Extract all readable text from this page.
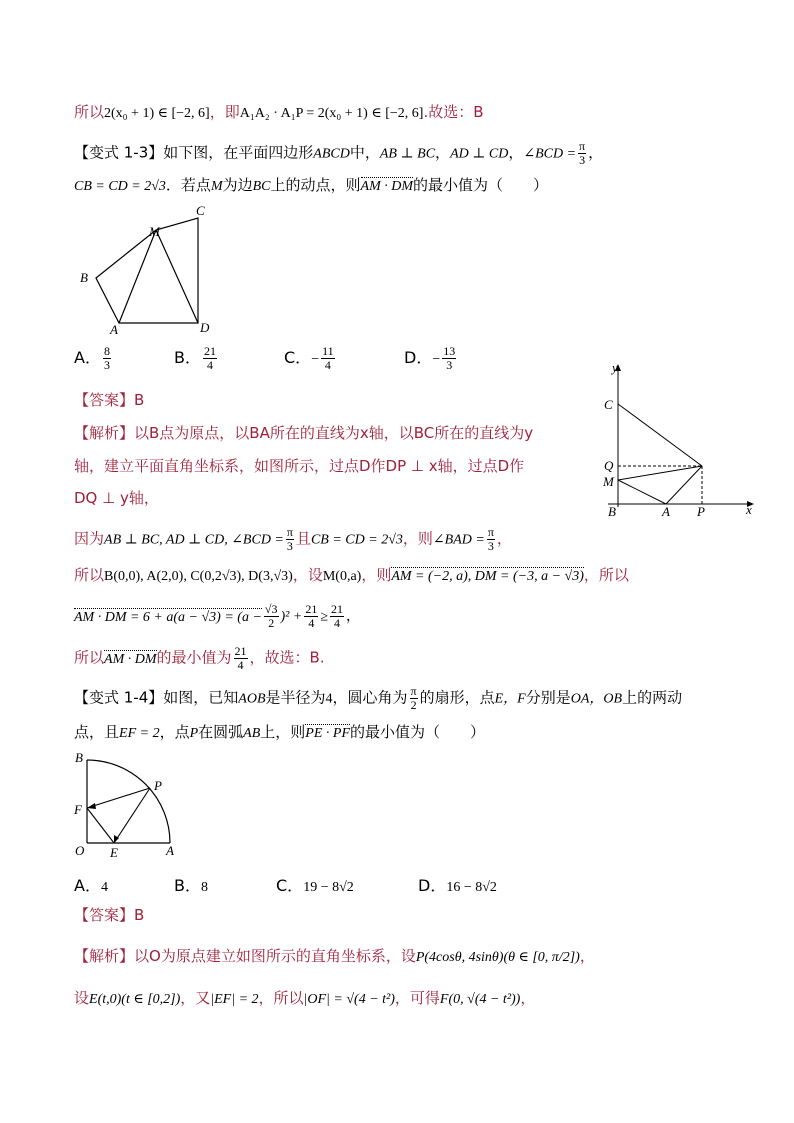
所以2(x₀ + 1) ∈ [−2, 6]，即A₁A₂ · A₁P = 2(x₀ + 1) ∈ [−2, 6].故选：B
【变式 1-3】如下图，在平面四边形ABCD中，AB ⊥ BC，AD ⊥ CD，∠BCD = $\frac{\pi}{3}$ ，
CB = CD = 2√3．若点M为边BC上的动点，则AM · DM的最小值为（　　）
C
M
B
A	D
A． $\frac{8}{3}$	B． $\frac{21}{4}$	C．− $\frac{11}{4}$	D．− $\frac{13}{3}$	y
x
C
Q
M
B	A P
【答案】B
【解析】以B点为原点，以BA所在的直线为x轴，以BC所在的直线为y
轴，建立平面直角坐标系，如图所示，过点D作DP ⊥ x轴，过点D作
DQ ⊥ y轴，
因为AB ⊥ BC, AD ⊥ CD, ∠BCD = $\frac{\pi}{3}$ 且CB = CD = 2√3，则∠BAD = $\frac{\pi}{3}$ ，
所以B(0,0), A(2,0), C(0,2√3), D(3,√3)，设M(0,a)，则AM = (−2, a), DM = (−3, a − √3)，所以
AM · DM = $6 + a(a - √3) = (a - \frac{√3}{2} )^2 + \frac{21}{4} \ge \frac{21}{4}$ ，
所以AM · DM的最小值为 $\frac{21}{4}$ ，故选：B.
【变式 1-4】如图，已知AOB是半径为4，圆心角为 $\frac{\pi}{2}$ 的扇形，点E，F分别是OA，OB上的两动
点，且EF = 2，点P在圆弧AB上，则PE · PF的最小值为（　　）
B
P
F
O E	A
A．4	B．8	C．19 − 8√2	D．16 − 8√2
【答案】B
【解析】以O为原点建立如图所示的直角坐标系，设P(4cosθ, 4sinθ)(θ ∈ [0, π/2])，
设E(t,0)(t ∈ [0,2])，又|EF| = 2，所以|OF| = √(4 − t²)，可得F(0, √(4 − t²))，
